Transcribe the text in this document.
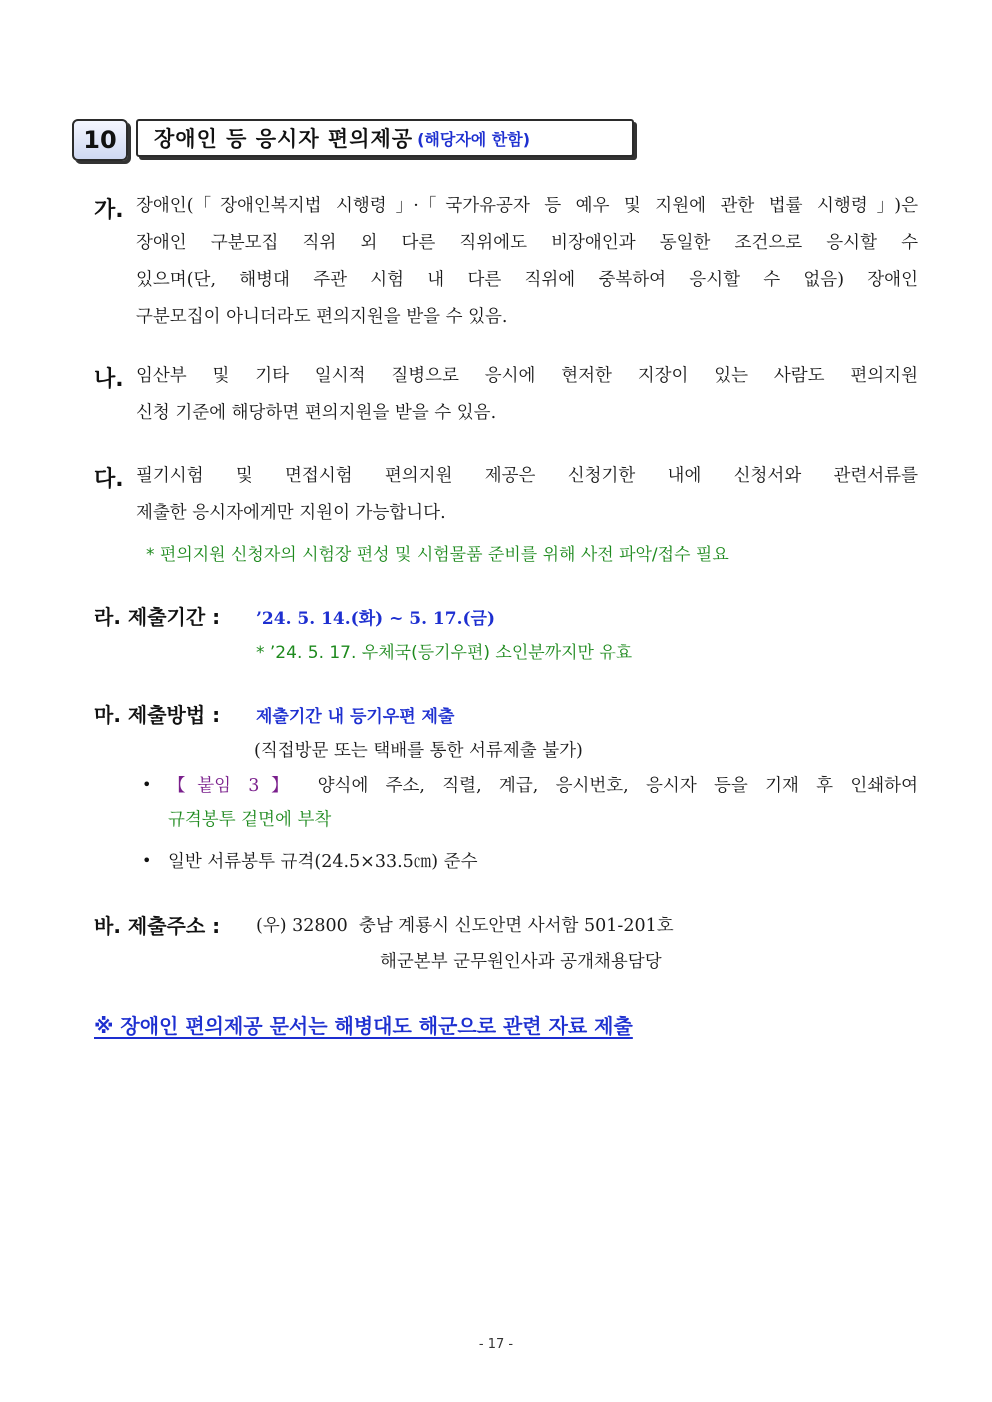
10	장애인 등 응시자 편의제공 (해당자에 한함)
가. 장애인(「장애인복지법 시행령」·「국가유공자 등 예우 및 지원에 관한 법률 시행령」)은
장애인 구분모집 직위 외 다른 직위에도 비장애인과 동일한 조건으로 응시할 수
있으며(단, 해병대 주관 시험 내 다른 직위에 중복하여 응시할 수 없음) 장애인
구분모집이 아니더라도 편의지원을 받을 수 있음.
나. 임산부 및 기타 일시적 질병으로 응시에 현저한 지장이 있는 사람도 편의지원
신청 기준에 해당하면 편의지원을 받을 수 있음.
다. 필기시험 및 면접시험 편의지원 제공은 신청기한 내에 신청서와 관련서류를
제출한 응시자에게만 지원이 가능합니다.
* 편의지원 신청자의 시험장 편성 및 시험물품 준비를 위해 사전 파악/접수 필요
라. 제출기간 : ’24. 5. 14.(화) ~ 5. 17.(금)
* ’24. 5. 17. 우체국(등기우편) 소인분까지만 유효
마. 제출방법 : 제출기간 내 등기우편 제출
(직접방문 또는 택배를 통한 서류제출 불가)
• 【붙임 3】 양식에 주소, 직렬, 계급, 응시번호, 응시자 등을 기재 후 인쇄하여
규격봉투 겉면에 부착
• 일반 서류봉투 규격(24.5×33.5㎝) 준수
바. 제출주소 : (우) 32800  충남 계룡시 신도안면 사서함 501-201호
해군본부 군무원인사과 공개채용담당
※ 장애인 편의제공 문서는 해병대도 해군으로 관련 자료 제출
- 17 -
